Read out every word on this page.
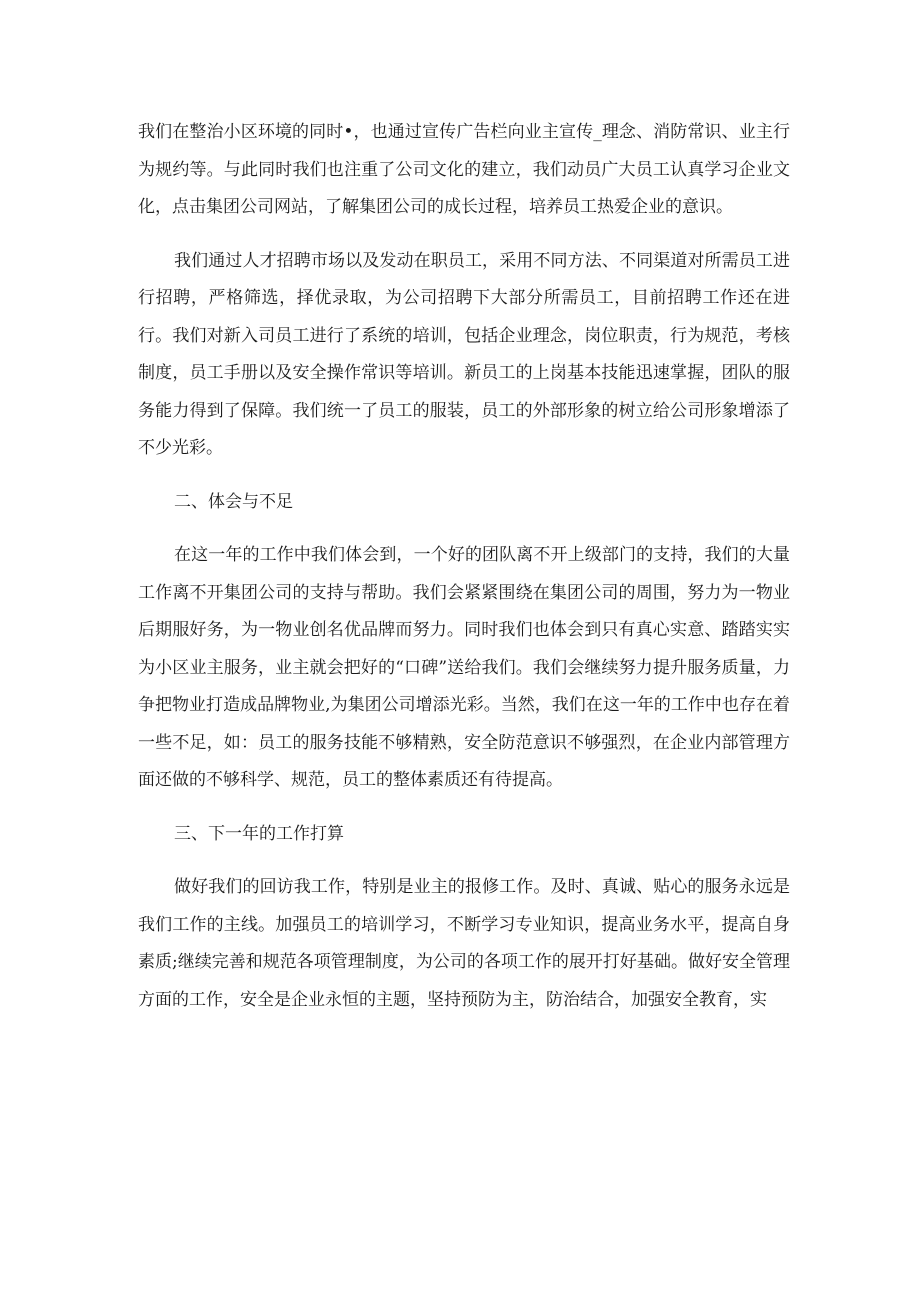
我们在整治小区环境的同时•，也通过宣传广告栏向业主宣传_理念、消防常识、业主行为规约等。与此同时我们也注重了公司文化的建立，我们动员广大员工认真学习企业文化，点击集团公司网站，了解集团公司的成长过程，培养员工热爱企业的意识。

我们通过人才招聘市场以及发动在职员工，采用不同方法、不同渠道对所需员工进行招聘，严格筛选，择优录取，为公司招聘下大部分所需员工，目前招聘工作还在进行。我们对新入司员工进行了系统的培训，包括企业理念，岗位职责，行为规范，考核制度，员工手册以及安全操作常识等培训。新员工的上岗基本技能迅速掌握，团队的服务能力得到了保障。我们统一了员工的服装，员工的外部形象的树立给公司形象增添了不少光彩。

二、体会与不足

在这一年的工作中我们体会到，一个好的团队离不开上级部门的支持，我们的大量工作离不开集团公司的支持与帮助。我们会紧紧围绕在集团公司的周围，努力为一物业后期服好务，为一物业创名优品牌而努力。同时我们也体会到只有真心实意、踏踏实实为小区业主服务，业主就会把好的“口碑”送给我们。我们会继续努力提升服务质量，力争把物业打造成品牌物业,为集团公司增添光彩。当然，我们在这一年的工作中也存在着一些不足，如：员工的服务技能不够精熟，安全防范意识不够强烈，在企业内部管理方面还做的不够科学、规范，员工的整体素质还有待提高。

三、下一年的工作打算

做好我们的回访我工作，特别是业主的报修工作。及时、真诚、贴心的服务永远是我们工作的主线。加强员工的培训学习，不断学习专业知识，提高业务水平，提高自身素质;继续完善和规范各项管理制度，为公司的各项工作的展开打好基础。做好安全管理方面的工作，安全是企业永恒的主题，坚持预防为主，防治结合，加强安全教育，实
